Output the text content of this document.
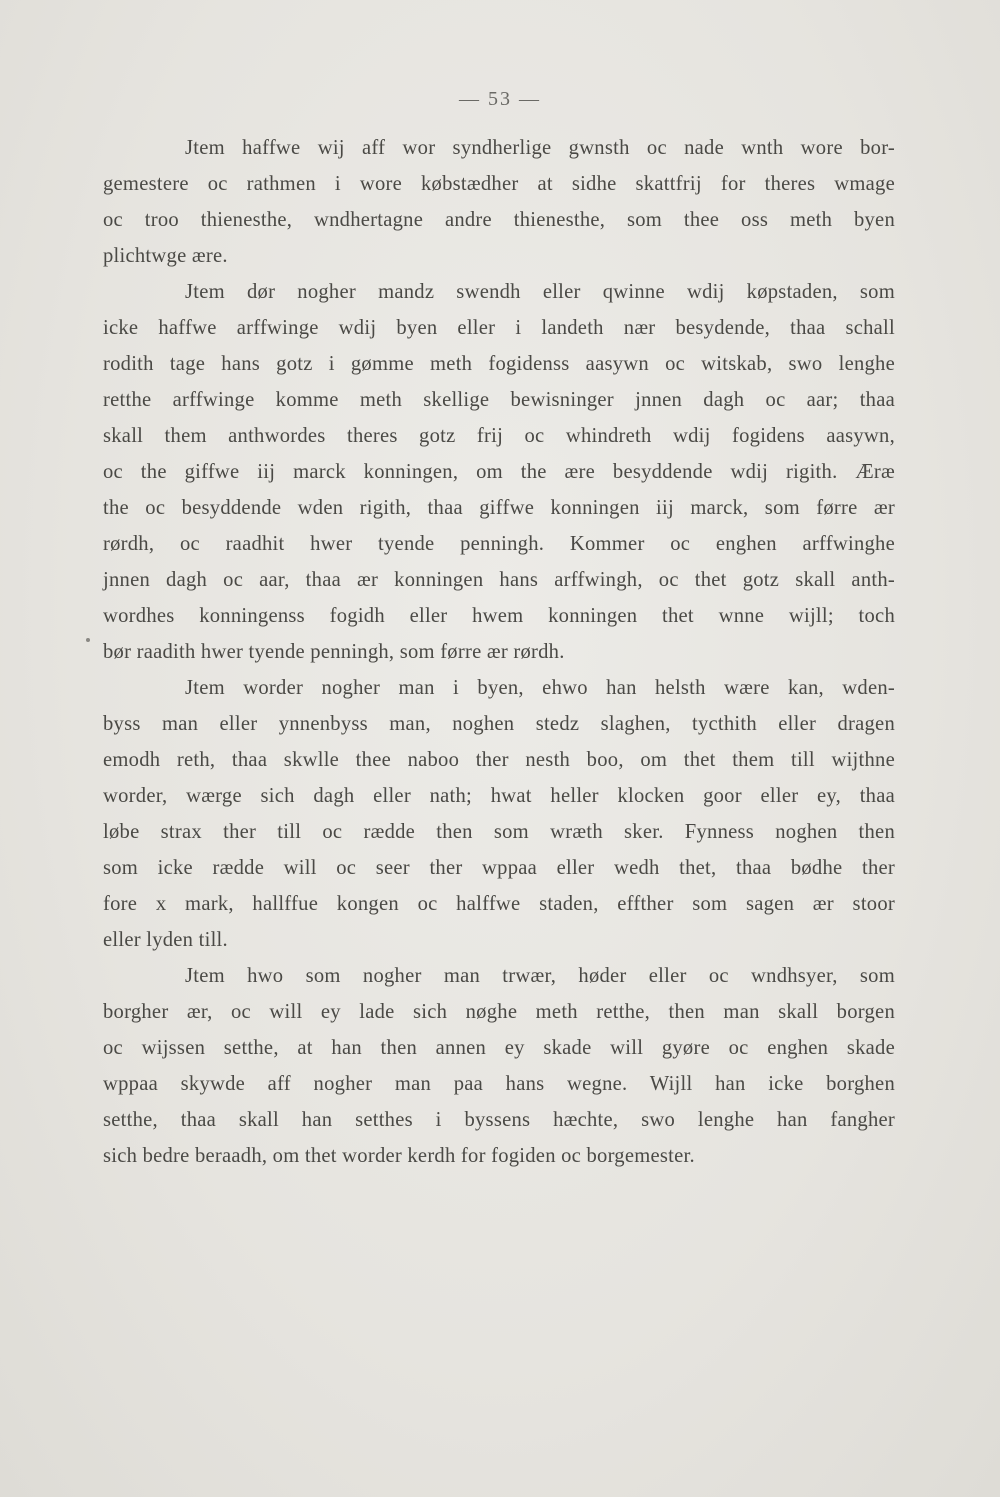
— 53 —
Jtem haffwe wij aff wor syndherlige gwnsth oc nade wnth wore bor-
gemestere oc rathmen i wore købstædher at sidhe skattfrij for theres wmage
oc troo thienesthe, wndhertagne andre thienesthe, som thee oss meth byen
plichtwge ære.
Jtem dør nogher mandz swendh eller qwinne wdij køpstaden, som
icke haffwe arffwinge wdij byen eller i landeth nær besydende, thaa schall
rodith tage hans gotz i gømme meth fogidenss aasywn oc witskab, swo lenghe
retthe arffwinge komme meth skellige bewisninger jnnen dagh oc aar; thaa
skall them anthwordes theres gotz frij oc whindreth wdij fogidens aasywn,
oc the giffwe iij marck konningen, om the ære besyddende wdij rigith. Æræ
the oc besyddende wden rigith, thaa giffwe konningen iij marck, som førre ær
rørdh, oc raadhit hwer tyende penningh. Kommer oc enghen arffwinghe
jnnen dagh oc aar, thaa ær konningen hans arffwingh, oc thet gotz skall anth-
wordhes konningenss fogidh eller hwem konningen thet wnne wijll; toch
bør raadith hwer tyende penningh, som førre ær rørdh.
Jtem worder nogher man i byen, ehwo han helsth wære kan, wden-
byss man eller ynnenbyss man, noghen stedz slaghen, tycthith eller dragen
emodh reth, thaa skwlle thee naboo ther nesth boo, om thet them till wijthne
worder, wærge sich dagh eller nath; hwat heller klocken goor eller ey, thaa
løbe strax ther till oc rædde then som wræth sker. Fynness noghen then
som icke rædde will oc seer ther wppaa eller wedh thet, thaa bødhe ther
fore x mark, hallffue kongen oc halffwe staden, effther som sagen ær stoor
eller lyden till.
Jtem hwo som nogher man trwær, høder eller oc wndhsyer, som
borgher ær, oc will ey lade sich nøghe meth retthe, then man skall borgen
oc wijssen setthe, at han then annen ey skade will gyøre oc enghen skade
wppaa skywde aff nogher man paa hans wegne. Wijll han icke borghen
setthe, thaa skall han setthes i byssens hæchte, swo lenghe han fangher
sich bedre beraadh, om thet worder kerdh for fogiden oc borgemester.
